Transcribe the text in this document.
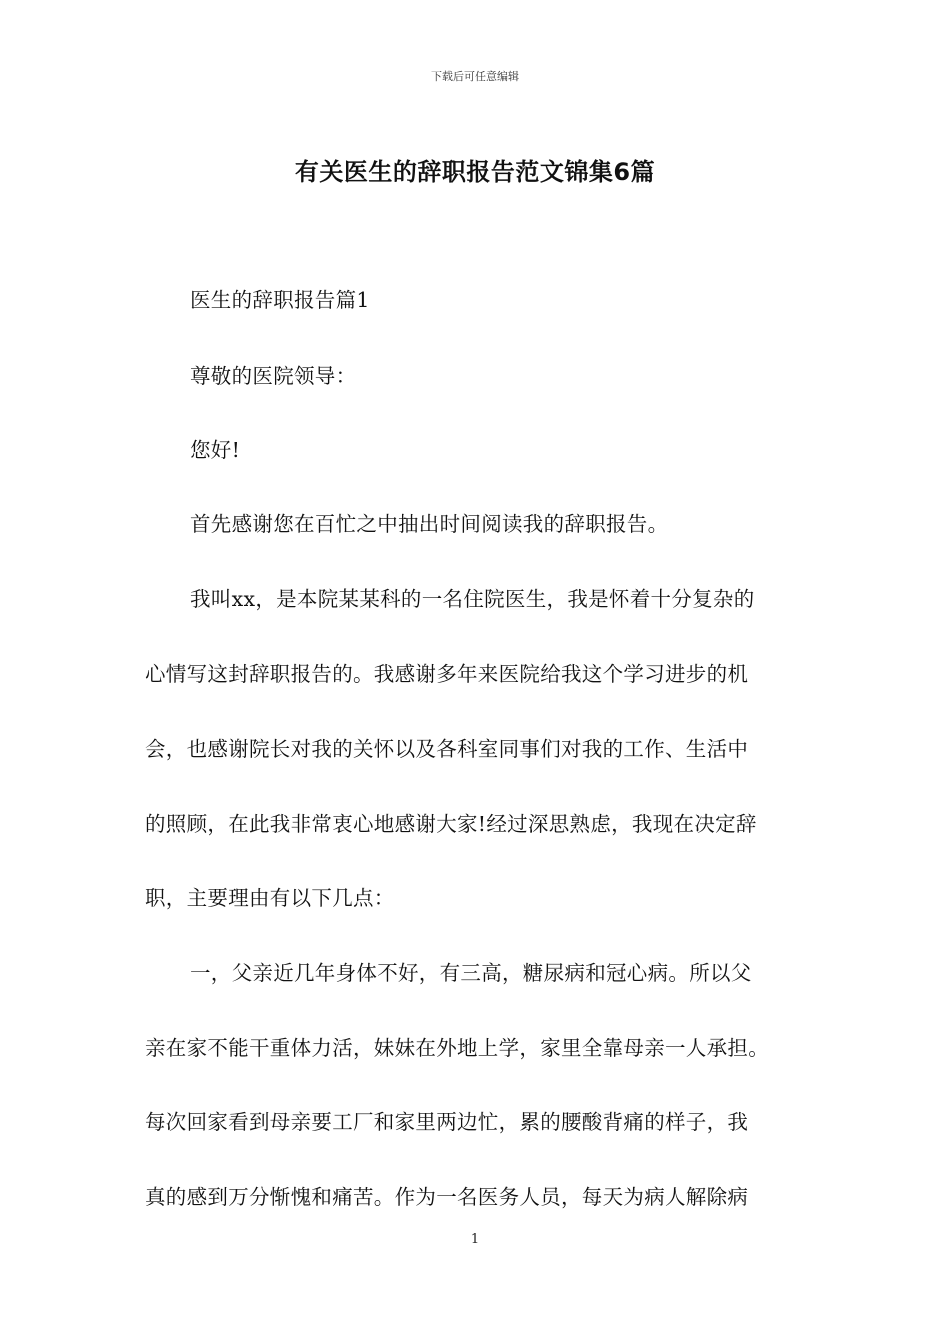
下载后可任意编辑
有关医生的辞职报告范文锦集6篇
医生的辞职报告篇1
尊敬的医院领导：
您好!
首先感谢您在百忙之中抽出时间阅读我的辞职报告。
我叫xx，是本院某某科的一名住院医生，我是怀着十分复杂的
心情写这封辞职报告的。我感谢多年来医院给我这个学习进步的机
会，也感谢院长对我的关怀以及各科室同事们对我的工作、生活中
的照顾，在此我非常衷心地感谢大家!经过深思熟虑，我现在决定辞
职，主要理由有以下几点：
一，父亲近几年身体不好，有三高，糖尿病和冠心病。所以父
亲在家不能干重体力活，妹妹在外地上学，家里全靠母亲一人承担。
每次回家看到母亲要工厂和家里两边忙，累的腰酸背痛的样子，我
真的感到万分惭愧和痛苦。作为一名医务人员，每天为病人解除病
1
